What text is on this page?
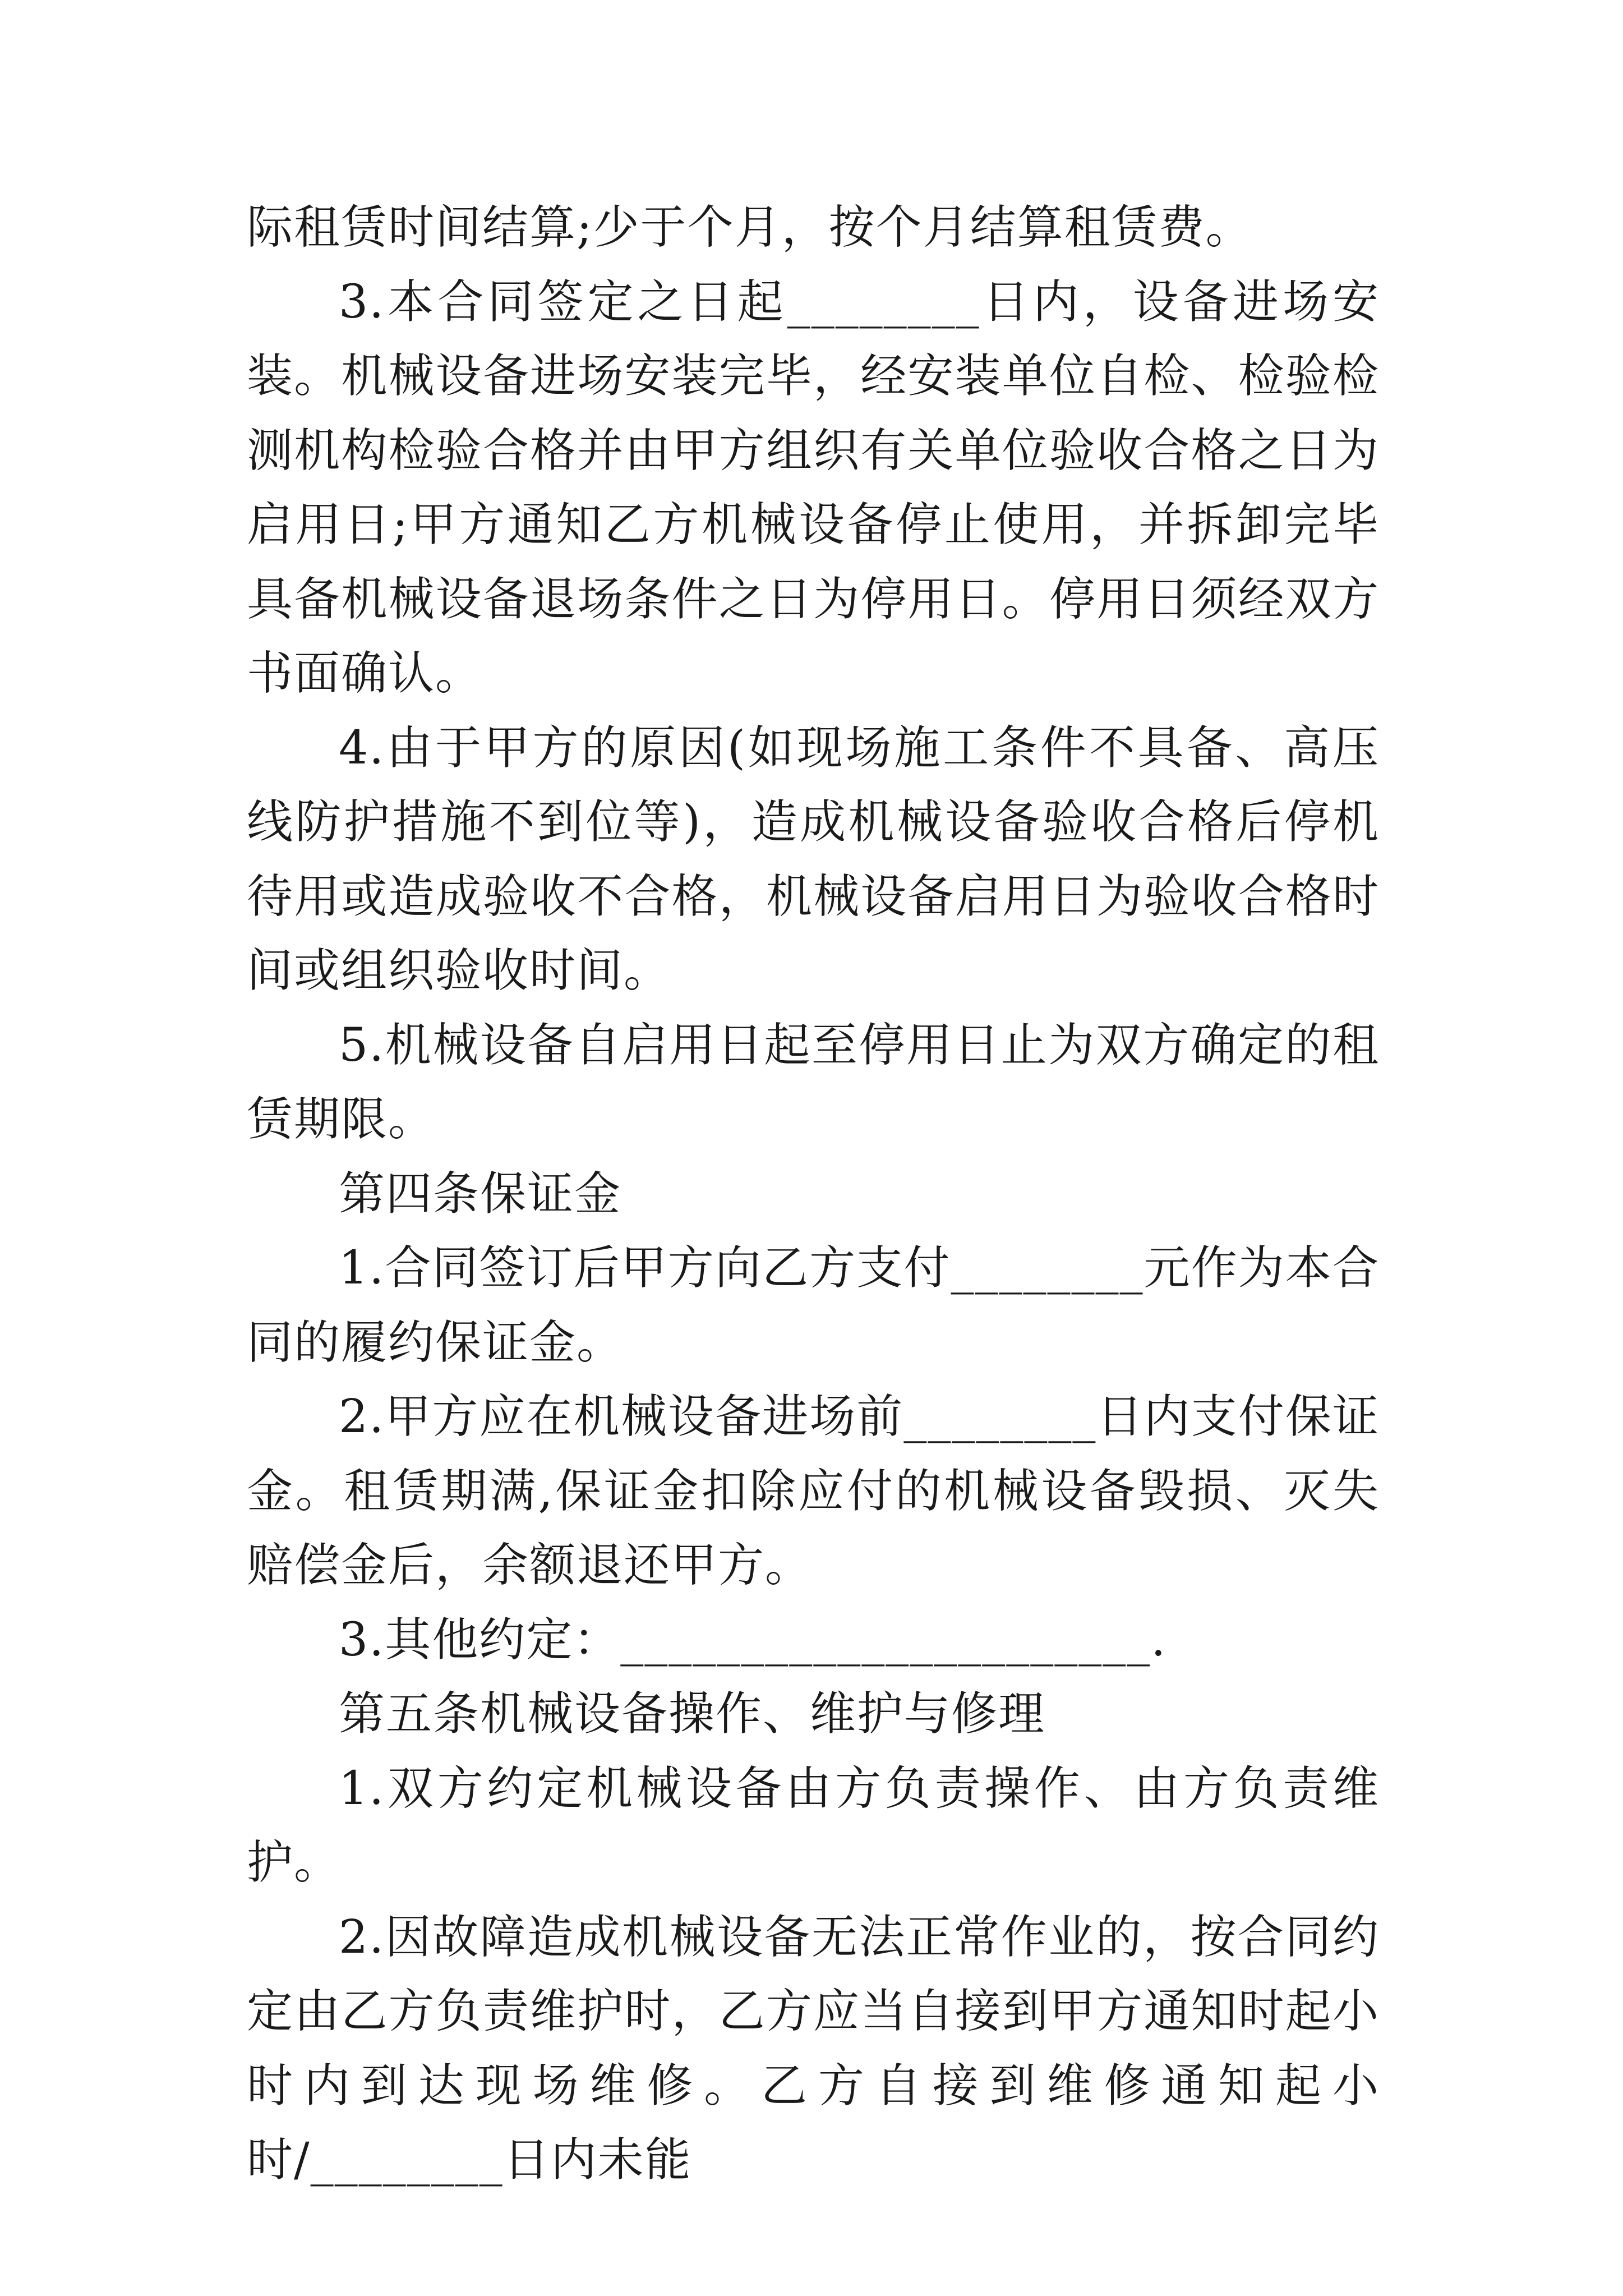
际租赁时间结算;少于个月，按个月结算租赁费。

3.本合同签定之日起________日内，设备进场安装。机械设备进场安装完毕，经安装单位自检、检验检测机构检验合格并由甲方组织有关单位验收合格之日为启用日;甲方通知乙方机械设备停止使用，并拆卸完毕具备机械设备退场条件之日为停用日。停用日须经双方书面确认。

4.由于甲方的原因(如现场施工条件不具备、高压线防护措施不到位等)，造成机械设备验收合格后停机待用或造成验收不合格，机械设备启用日为验收合格时间或组织验收时间。

5.机械设备自启用日起至停用日止为双方确定的租赁期限。

第四条保证金

1.合同签订后甲方向乙方支付________元作为本合同的履约保证金。

2.甲方应在机械设备进场前________日内支付保证金。租赁期满,保证金扣除应付的机械设备毁损、灭失赔偿金后，余额退还甲方。

3.其他约定：______________________.

第五条机械设备操作、维护与修理

1.双方约定机械设备由方负责操作、由方负责维护。

2.因故障造成机械设备无法正常作业的，按合同约定由乙方负责维护时，乙方应当自接到甲方通知时起小时内到达现场维修。乙方自接到维修通知起小时/________日内未能
